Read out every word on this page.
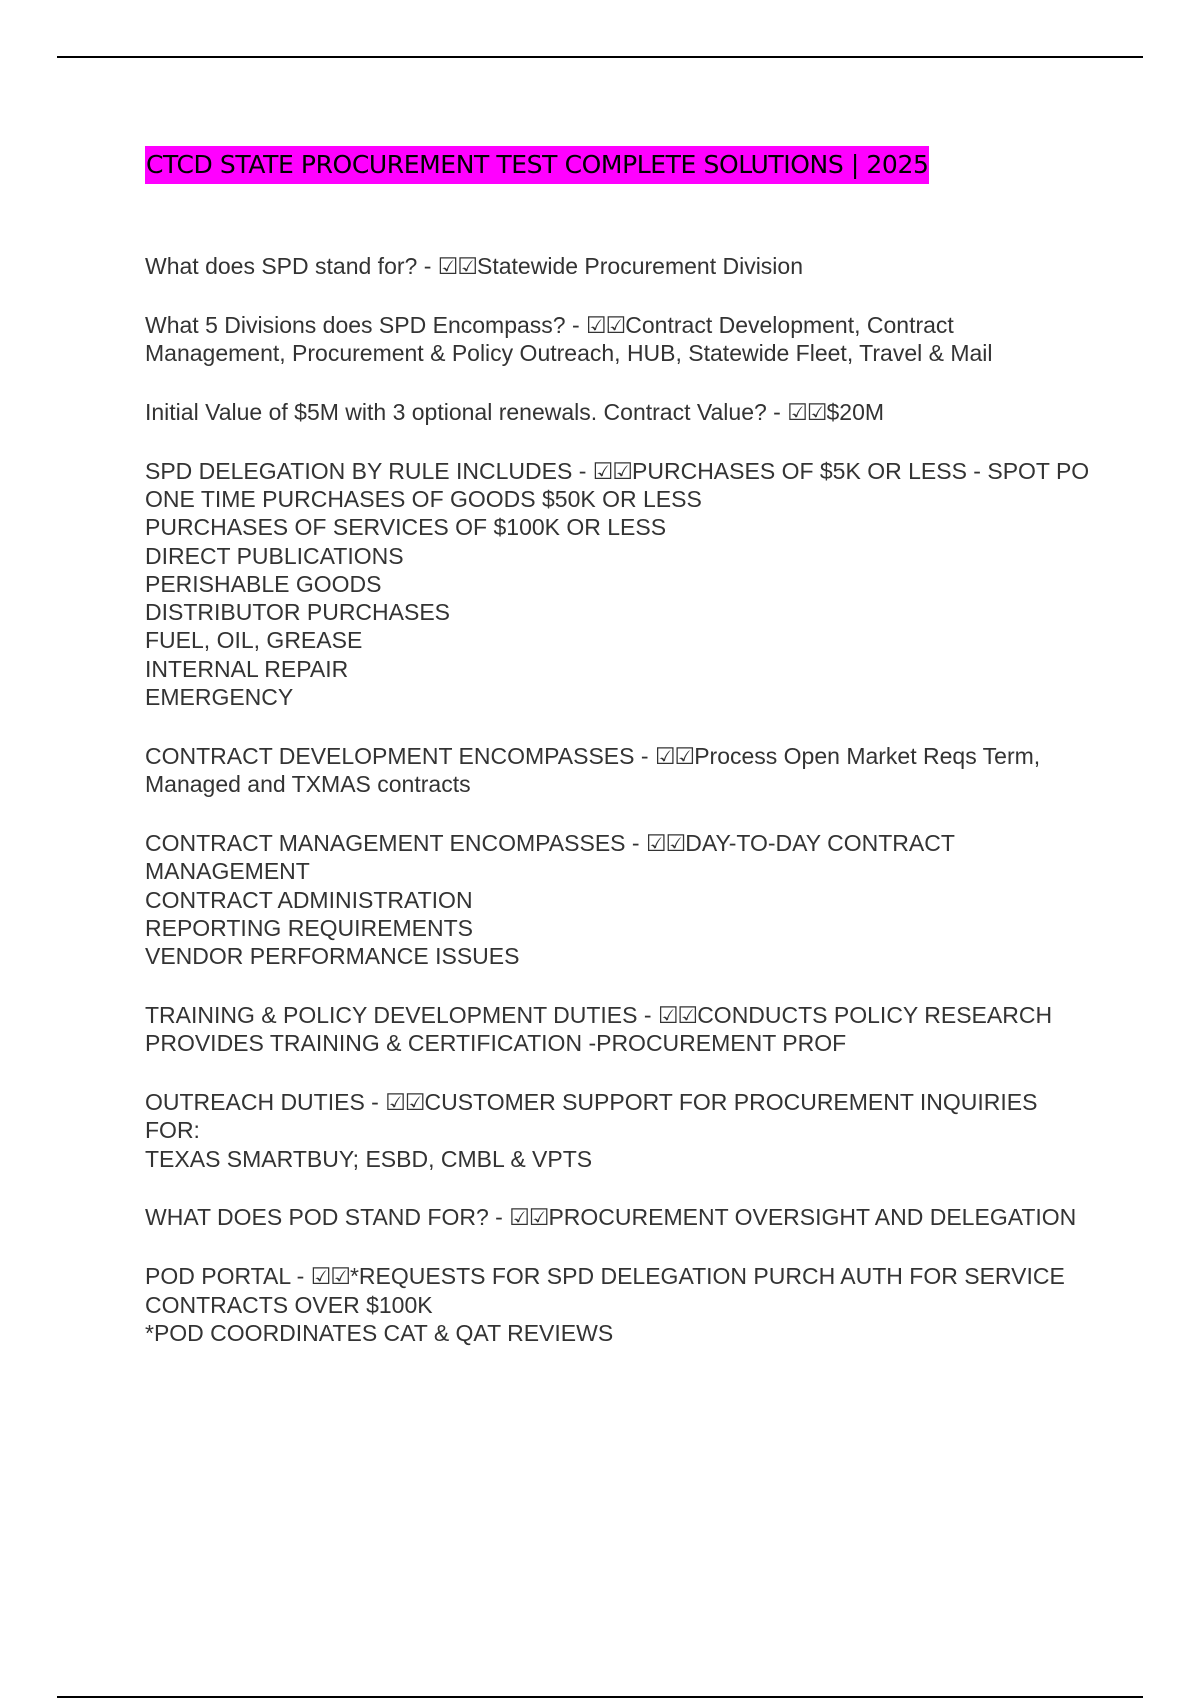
CTCD STATE PROCUREMENT TEST COMPLETE SOLUTIONS | 2025

What does SPD stand for? - ☑☑Statewide Procurement Division

What 5 Divisions does SPD Encompass? - ☑☑Contract Development, Contract Management, Procurement & Policy Outreach, HUB, Statewide Fleet, Travel & Mail

Initial Value of $5M with 3 optional renewals. Contract Value? - ☑☑$20M

SPD DELEGATION BY RULE INCLUDES - ☑☑PURCHASES OF $5K OR LESS - SPOT PO

ONE TIME PURCHASES OF GOODS $50K OR LESS

PURCHASES OF SERVICES OF $100K OR LESS

DIRECT PUBLICATIONS

PERISHABLE GOODS

DISTRIBUTOR PURCHASES

FUEL, OIL, GREASE

INTERNAL REPAIR

EMERGENCY

CONTRACT DEVELOPMENT ENCOMPASSES - ☑☑Process Open Market Reqs Term, Managed and TXMAS contracts

CONTRACT MANAGEMENT ENCOMPASSES - ☑☑DAY-TO-DAY CONTRACT MANAGEMENT

CONTRACT ADMINISTRATION

REPORTING REQUIREMENTS

VENDOR PERFORMANCE ISSUES

TRAINING & POLICY DEVELOPMENT DUTIES - ☑☑CONDUCTS POLICY RESEARCH

PROVIDES TRAINING & CERTIFICATION -PROCUREMENT PROF

OUTREACH DUTIES - ☑☑CUSTOMER SUPPORT FOR PROCUREMENT INQUIRIES FOR:

TEXAS SMARTBUY; ESBD, CMBL & VPTS

WHAT DOES POD STAND FOR? - ☑☑PROCUREMENT OVERSIGHT AND DELEGATION

POD PORTAL - ☑☑*REQUESTS FOR SPD DELEGATION PURCH AUTH FOR SERVICE CONTRACTS OVER $100K

*POD COORDINATES CAT & QAT REVIEWS
